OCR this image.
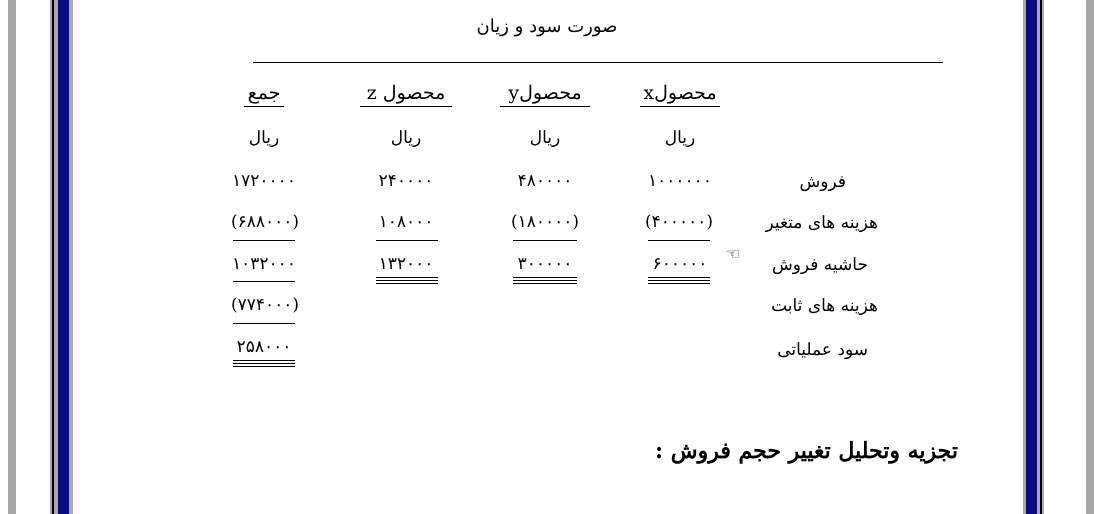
صورت سود و زیان
محصولx
محصولy
محصول z
جمع
ریال
ریال
ریال
ریال
فروش
هزینه های متغیر
حاشیه فروش
هزینه های ثابت
سود عملیاتی
۱۰۰۰۰۰۰
۴۸۰۰۰۰
۲۴۰۰۰۰
۱۷۲۰۰۰۰
(۴۰۰۰۰۰)
(۱۸۰۰۰۰)
۱۰۸۰۰۰
(۶۸۸۰۰۰)
۶۰۰۰۰۰
۳۰۰۰۰۰
۱۳۲۰۰۰
۱۰۳۲۰۰۰
(۷۷۴۰۰۰)
۲۵۸۰۰۰
تجزیه وتحلیل تغییر حجم فروش :
☜
